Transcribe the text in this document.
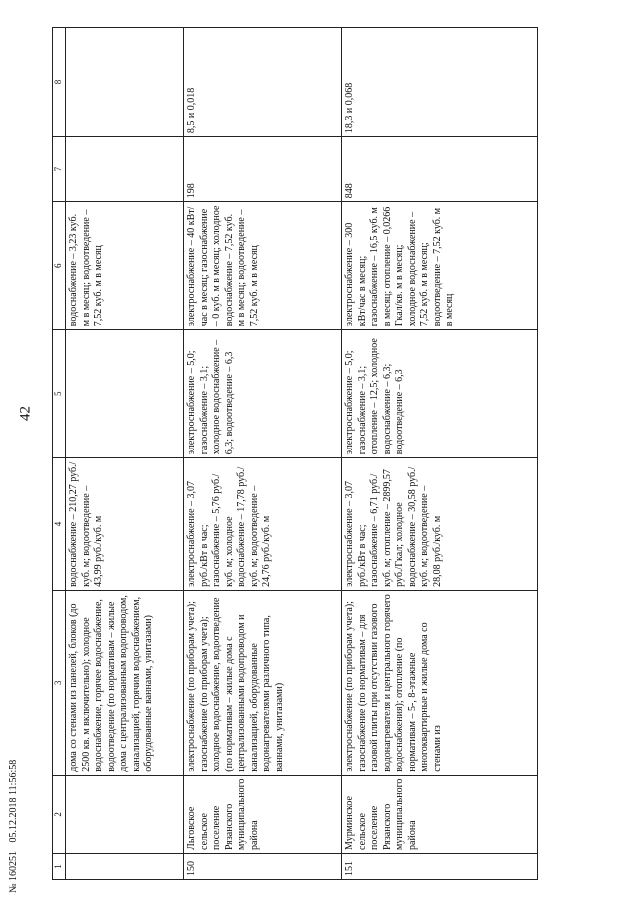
42
1	2	3	4	5	6	7	8
		дома со стенами из панелей, блоков (до 2500 кв. м включительно); холодное водоснабжение, горячее водоснабжение, водоотведение (по нормативам – жилые дома с централизованным водопроводом, канализацией, горячим водоснабжением, оборудованные ваннами, унитазами)	водоснабжение – 210,27 руб./куб. м; водоотведение – 43,99 руб./куб. м		водоснабжение – 3,23 куб. м в месяц; водоотведение – 7,52 куб. м в месяц		
150	Льговское сельское поселение Рязанского муниципального района	электроснабжение (по приборам учета); газоснабжение (по приборам учета); холодное водоснабжение, водоотведение (по нормативам – жилые дома с централизованными водопроводом и канализацией, оборудованные водонагревателями различного типа, ваннами, унитазами)	электроснабжение – 3,07 руб./кВт в час; газоснабжение – 5,76 руб./куб. м; холодное водоснабжение – 17,78 руб./куб. м; водоотведение – 24,76 руб./куб. м	электроснабжение – 5,0; газоснабжение – 3,1; холодное водоснабжение – 6,3; водоотведение – 6,3	электроснабжение – 40 кВт/час в месяц; газоснабжение – 0 куб. м в месяц; холодное водоснабжение – 7,52 куб. м в месяц; водоотведение – 7,52 куб. м в месяц	198	8,5 и 0,018
151	Мурминское сельское поселение Рязанского муниципального района	электроснабжение (по приборам учета); газоснабжение (по нормативам – для газовой плиты при отсутствии газового водонагревателя и центрального горячего водоснабжения); отопление (по нормативам – 5-, 8-этажные многоквартирные и жилые дома со стенами из	электроснабжение – 3,07 руб./кВт в час; газоснабжение – 6,71 руб./куб. м; отопление – 2899,57 руб./Гкал; холодное водоснабжение – 30,58 руб./куб. м; водоотведение – 28,08 руб./куб. м	электроснабжение – 5,0; газоснабжение – 3,1; отопление – 12,5; холодное водоснабжение – 6,3; водоотведение – 6,3	электроснабжение – 300 кВт/час в месяц; газоснабжение – 16,5 куб. м в месяц; отопление – 0,0266 Гкал/кв. м в месяц; холодное водоснабжение – 7,52 куб. м в месяц; водоотведение – 7,52 куб. м в месяц	848	18,3 и 0,068
№ 160251 05.12.2018 11:56:58
